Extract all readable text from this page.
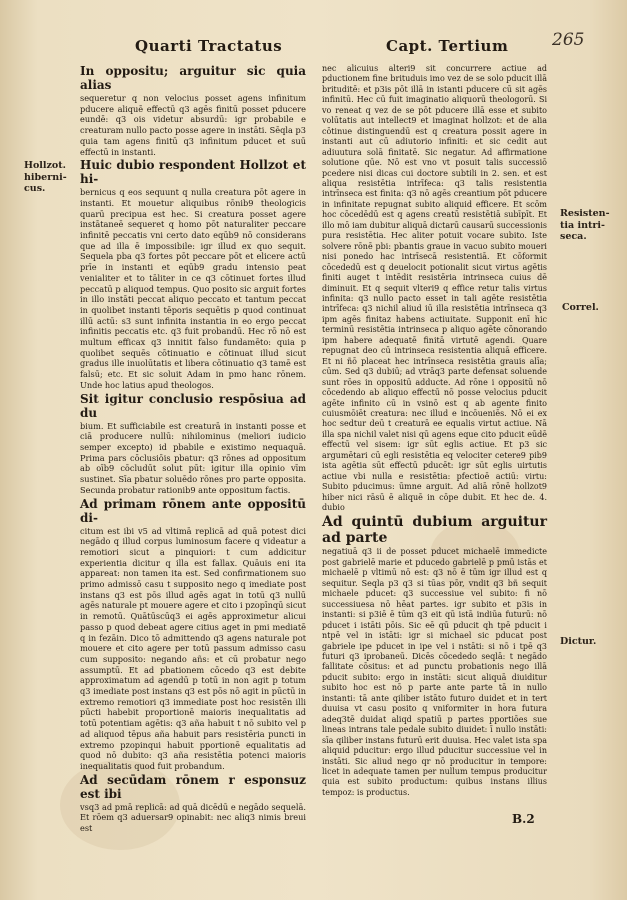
265
Quarti Tractatus	Capt. Tertium
Hollzot. hiberni- cus.
Resisten- tia intri- seca.
Correl.
Dictur.

In oppositu; arguitur sic quia alias

sequeretur q non velocius posset agens infinitum pducere aliquē effectū q3 agēs finitū posset pducere eundē: q3 ois videtur absurdū: igr probabile e creaturam nullo pacto posse agere in instāti. Sēqla p3 quia tam agens finitū q3 infinitum pducet et suū effectū in instanti.

Huic dubio respondent Hollzot et hi-

bernicus q eos sequunt q nulla creatura pōt agere in instanti. Et mouetur aliquibus rōnib9 theologicis quarū precipua est hec. Si creatura posset agere instātaneē sequeret q homo pōt naturaliter peccare infinitē peccatis vni certo dato eqūb9 nō considerans que ad illa ē impossibile: igr illud ex quo sequit. Sequela pba q3 fortes pōt peccare pōt et elicere actū prīe in instanti et eqūb9 gradu intensio peat venialiter et to tāliter in ce q3 cōtinuet fortes illud peccatū p aliquod tempus. Quo posito sic arguit fortes in illo instāti peccat aliquo peccato et tantum peccat in quolibet instanti tēporis sequētis p quod continuat illū actū: s3 sunt infinita instantia in eo ergo peccat infinitis peccatis etc. q3 fuit probandū. Hec rō nō est multum efficax q3 innitit falso fundamēto: quia p quolibet sequēs cōtinuatio e cōtinuat illud sicut gradus ille inuolūtatis et libera cōtinuatio q3 tamē est falsū; etc. Et sic soluit Adam in pmo hanc rōnem. Unde hoc latius apud theologos.

Sit igitur conclusio respōsiua ad du

bium. Et sufficiabile est creaturā in instanti posse et ciā producere nullū: nihilominus (meliori iudicio semper excepto) id pbabile e existimo nequaquā. Prima pars cōclusiōis pbatur: q3 rōnes ad oppositum ab oīb9 cōcludūt solut pūt: igitur illa opinio vīm sustinet. Sīa pbatur soluēdo rōnes pro parte opposita. Secunda probatur rationib9 ante oppositum factis.

Ad primam rōnem ante oppositū di-

citum est ibi v5 ad vltimā replicā ad quā potest dici negādo q illud corpus luminosum facere q videatur a remotiori sicut a pinquiori: t cum addicitur experientia dicitur q illa est fallax. Quāuis eni ita appareat: non tamen ita est. Sed confirmationem suo primo admissō casu t supposito nego q imediate post instans q3 est pōs illud agēs agat in totū q3 nullū agēs naturale pt mouere agere et cito i pzopīnqū sicut in remotū. Quātūscūq3 ei agēs approximetur alicui passo p quod debeat agere citius aget in pmi mediatē q in fezāin. Dico tō admittendo q3 agens naturale pot mouere et cito agere per totū passum admisso casu cum supposito: negando añs: et cū probatur nego assumptū. Et ad pbationem cōcedo q3 est debite approximatum ad agendū p totū in non agit p totum q3 imediate post instans q3 est pōs nō agit in pūctū in extremo remotiori q3 immediate post hoc resistēn illi pūcti habebit proportionē maioris inequalitatis ad totū potentiam agētis: q3 aña habuit t nō subito vel p ad aliquod tēpus aña habuit pars resistēria puncti in extremo pzopinqui habuit pportionē equalitatis ad quod nō dubito: q3 aña resistētia potenci maioris inequalitatis quod fuit probandum.

Ad secūdam rōnem r esponsuz est ibi

vsq3 ad pmā replicā: ad quā dicēdū e negādo sequelā. Et rōem q3 aduersar9 opinabit: nec aliq3 nimis breui est

nec alicuius alteri9 sit concurrere actiue ad pductionem fine brituduis imo vez de se solo pducit illā brituditē: et p3is pōt illā in istanti pducere cū sit agēs infinitū. Hec cū fuit imaginatio aliquorū theologorū. Si vo reneat q vez de se pōt pducere illā esse et subito volūtatis aut intellect9 et imaginat hollzot: et de alia cōtinue distinguendū est q creatura possit agere in instanti aut cū adiutorio infiniti: et sic cedit aut adiuutura solā finitatē. Sic negatur. Ad affirmatione solutione qūe. Nō est vno vt posuit talis successiō pcedere nisi dicas cui doctore subtili in 2. sen. et est aliqua resistētia intrīfeca: q3 talis resistentia intrīnseca est finita: q3 nō agēs creantium pōt pducere in infinitate repugnat subito aliquid efficere. Et scōm hoc cōcedēdū est q agens creatū resistētiā subīpīt. Et illo mō iam dubitur aliquā dictarū causarū successionis pura resistētia. Hec aliter potuit vocare subito. Iste solvere rōnē pbi: pbantis graue in vacuo subito moueri nisi ponedo hac intrīsecā resistentiā. Et cōformit cōcededū est q deuelocit potionalit sicut virtus agētis finiti auget t intēdit resistēria intrinseca cuius dē diminuit. Et q sequit vlteri9 q effice retur talis virtus infinita: q3 nullo pacto esset in tali agēte resistētia intrīfeca: q3 nichil aliud iū illa resistētia intrīnseca q3 ipm agēs finitaz habens actiuitate. Supponit enī hic terminū resistētia intrinseca p aliquo agēte cōnorando ipm habere adequatē finitā virtutē agendi. Quare repugnat deo cū intrinseca resistentia aliquā efficere. Et ni ñō placeat hec intrīnseca resistētia grauis alīa; cūm. Sed q3 dubiū; ad vtrāq3 parte defensat soluende sunt rōes in oppositū adducte. Ad rōne i oppositū nō cōcedendo ab aliquo effectū nō posse velocius pducit agēte infinito cū in vsinō est q ab agente finito cuiusmōiēt creatura: nec illud e incōueniēs. Nō ei ex hoc sedtur deū t creaturā ee equalis virtut actiue. Nā illa spa nichil valet nisi qū agens eque cito pducit eūdē effectū vel sisem: igr sūt eglis actiue. Et p3 sic argumētari cū egli resistētia eq velociter cetere9 pib9 ista agētia sūt effectū pducēt: igr sūt eglis uirtutis actiue vbi nulla e resistētia: pfectioē actiū: virtu: Subito pducimus: ūmne arguit. Ad aliā rōnē hollzot9 hiber nici rāsū ē aliquē in cōpe dubit. Et hec de. 4. dubio

Ad quintū dubium arguitur ad parte

negatiuā q3 ii de posset pducet michaelē immedicte post gabrielē marie et pducedo gabrielē p pmū istās et michaelē p vltimū nō est: q3 nō ē tūm igr illud est q sequitur. Seqla p3 q3 si tūas pōr, vndit q3 bñ sequit michaele pducet: q3 successiue vel subito: fi nō successiuesa nō hēat partes. igr subito et p3is in instanti: si p3iē ē tūm q3 eit qū istā indiūa futurū: nō pducet i istāti pōis. Sic eē qū pducit qh tpē pducit i ntpē vel in istāti: igr si michael sic pducat post gabriele ipe pducet in ipe vel i nstāti: si nō i tpē q3 futuri q3 iprobaneū. Dicēs cōcededo seqlā: t negādo fallitate cōsitus: et ad punctu probationis nego illā pducit subito: ergo in instāti: sicut aliquā diuiditur subito hoc est nō p parte ante parte tā in nullo instanti: tā ante qiliber istāto futuro duidet et in tert duuisa vt casu posito q vniformiter in hora futura adeq3tē duidat aliqd spatiū p partes pportiōes sue lineas intrans tale pedale subito diuidet: ī nullo instāti: sīa qiliber instans futurū erit duuisa. Hec valet ista spa aliquid pducitur: ergo illud pducitur successiue vel in instāti. Sic aliud nego qr nō producitur in tempore: licet in adequate tamen per nullum tempus producitur quia est subito productum: quibus instans illius tempoz: is productus.

B.2
